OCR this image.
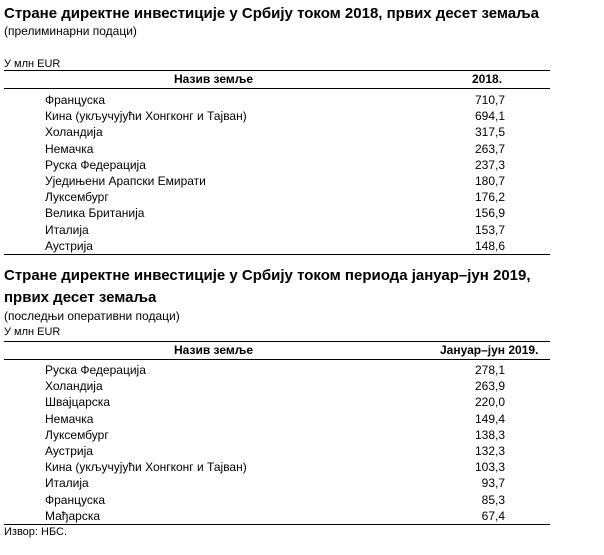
Стране директне инвестиције у Србију током 2018, првих десет земаља
(прелиминарни подаци)
У млн EUR
Назив земље	2018.
Француска	710,7
Кина (укључујући Хонгконг и Тајван)	694,1
Холандија	317,5
Немачка	263,7
Руска Федерација	237,3
Уједињени Арапски Емирати	180,7
Луксембург	176,2
Велика Британија	156,9
Италија	153,7
Аустрија	148,6
Стране директне инвестиције у Србију током периода јануар–јун 2019,
првих десет земаља
(последњи оперативни подаци)
У млн EUR
Назив земље	Јануар–јун 2019.
Руска Федерација	278,1
Холандија	263,9
Швајцарска	220,0
Немачка	149,4
Луксембург	138,3
Аустрија	132,3
Кина (укључујући Хонгконг и Тајван)	103,3
Италија	93,7
Француска	85,3
Мађарска	67,4
Извор: НБС.
